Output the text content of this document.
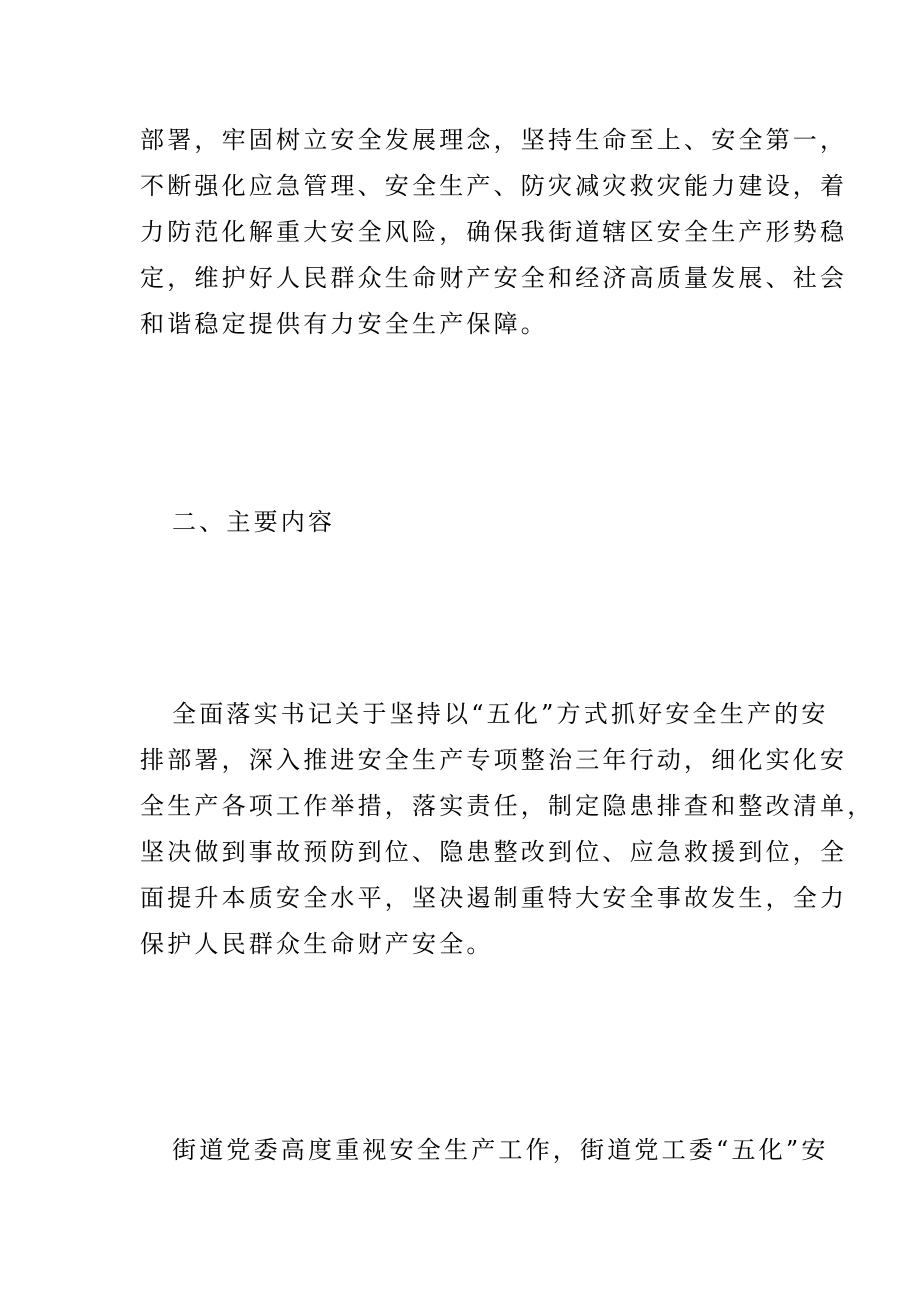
部署，牢固树立安全发展理念，坚持生命至上、安全第一，
不断强化应急管理、安全生产、防灾减灾救灾能力建设，着
力防范化解重大安全风险，确保我街道辖区安全生产形势稳
定，维护好人民群众生命财产安全和经济高质量发展、社会
和谐稳定提供有力安全生产保障。
二、主要内容
全面落实书记关于坚持以“五化”方式抓好安全生产的安
排部署，深入推进安全生产专项整治三年行动，细化实化安
全生产各项工作举措，落实责任，制定隐患排查和整改清单，
坚决做到事故预防到位、隐患整改到位、应急救援到位，全
面提升本质安全水平，坚决遏制重特大安全事故发生，全力
保护人民群众生命财产安全。
街道党委高度重视安全生产工作，街道党工委“五化”安
